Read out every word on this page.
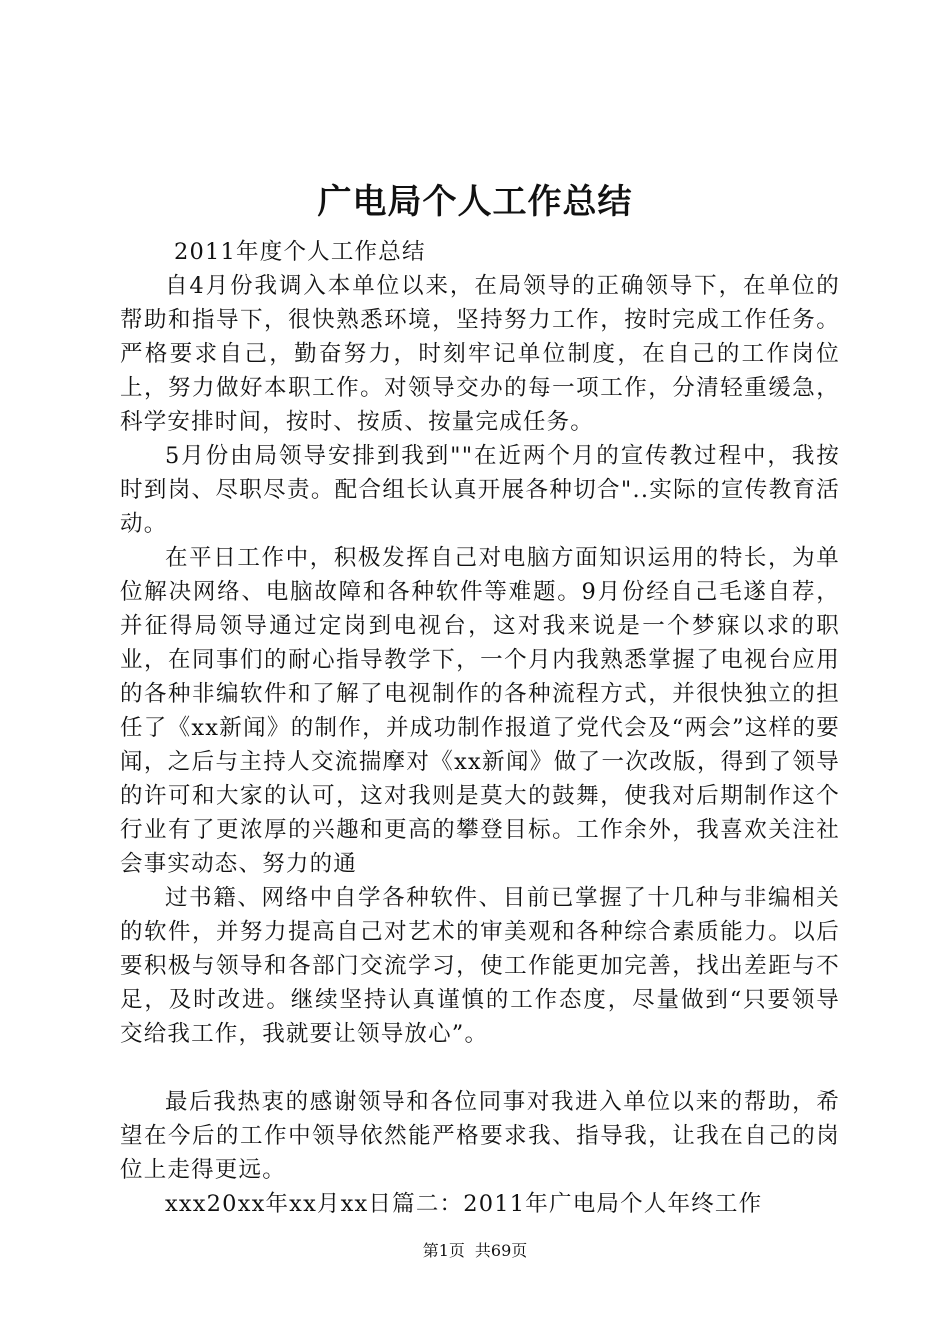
广电局个人工作总结

2011年度个人工作总结

自4月份我调入本单位以来，在局领导的正确领导下，在单位的帮助和指导下，很快熟悉环境，坚持努力工作，按时完成工作任务。严格要求自己，勤奋努力，时刻牢记单位制度，在自己的工作岗位上，努力做好本职工作。对领导交办的每一项工作，分清轻重缓急，科学安排时间，按时、按质、按量完成任务。

5月份由局领导安排到我到""在近两个月的宣传教过程中，我按时到岗、尽职尽责。配合组长认真开展各种切合"..实际的宣传教育活动。

在平日工作中，积极发挥自己对电脑方面知识运用的特长，为单位解决网络、电脑故障和各种软件等难题。9月份经自己毛遂自荐，并征得局领导通过定岗到电视台，这对我来说是一个梦寐以求的职业，在同事们的耐心指导教学下，一个月内我熟悉掌握了电视台应用的各种非编软件和了解了电视制作的各种流程方式，并很快独立的担任了《xx新闻》的制作，并成功制作报道了党代会及“两会”这样的要闻，之后与主持人交流揣摩对《xx新闻》做了一次改版，得到了领导的许可和大家的认可，这对我则是莫大的鼓舞，使我对后期制作这个行业有了更浓厚的兴趣和更高的攀登目标。工作余外，我喜欢关注社会事实动态、努力的通

过书籍、网络中自学各种软件、目前已掌握了十几种与非编相关的软件，并努力提高自己对艺术的审美观和各种综合素质能力。以后要积极与领导和各部门交流学习，使工作能更加完善，找出差距与不足，及时改进。继续坚持认真谨慎的工作态度，尽量做到“只要领导交给我工作，我就要让领导放心”。

最后我热衷的感谢领导和各位同事对我进入单位以来的帮助，希望在今后的工作中领导依然能严格要求我、指导我，让我在自己的岗位上走得更远。

xxx20xx年xx月xx日篇二：2011年广电局个人年终工作

第1页 共69页
